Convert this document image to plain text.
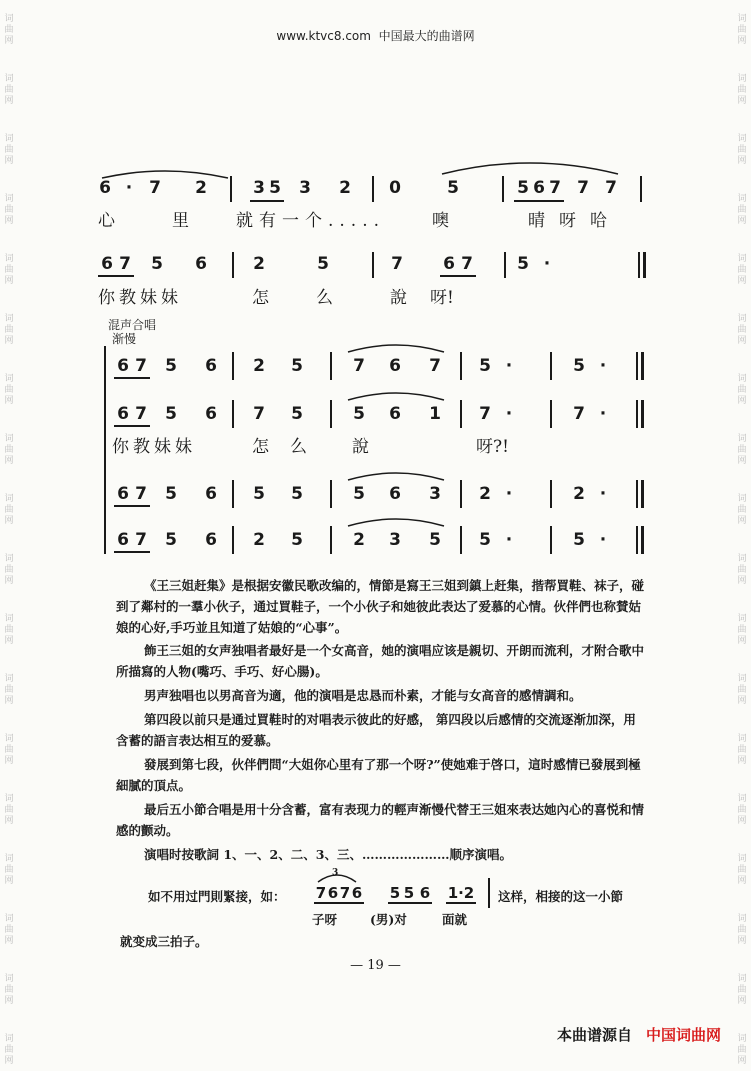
www.ktvc8.com 中国最大的曲谱网
词
曲
网
词
曲
网
词
曲
网
词
曲
网
词
曲
网
词
曲
网
词
曲
网
词
曲
网
词
曲
网
词
曲
网
词
曲
网
词
曲
网
词
曲
网
词
曲
网
词
曲
网
词
曲
网
词
曲
网
词
曲
网
词
曲
网
词
曲
网
词
曲
网
词
曲
网
词
曲
网
词
曲
网
词
曲
网
词
曲
网
词
曲
网
词
曲
网
词
曲
网
词
曲
网
词
曲
网
词
曲
网
词
曲
网
词
曲
网
词
曲
网
词
曲
网
6 · 7 2	3 5 3 2 0	5	5 6 7 7 7
心	里	就有一个.....	噢	晴呀哈
6 7 5 6	2	5	7 6 7	5 ·
你教妹妹	怎	么	說 呀!
混声合唱
渐慢
6 7 5 6 2 5	7 6 7 5 ·	5 ·
6 7 5 6 7 5	5 6 1 7 ·	7 ·
6 7 5 6 5 5	5 6 3 2 ·	2 ·
6 7 5 6 2 5	2 3 5 5 ·	5 ·
你教妹妹	怎 么	說	呀?!

《王三姐赶集》是根据安徽民歌改编的，情節是寫王三姐到鎮上赶集，揩帮買鞋、袜子，碰到了鄰村的一羣小伙子，通过買鞋子，一个小伙子和她彼此表达了爱慕的心情。伙伴們也称賛姑娘的心好,手巧並且知道了姑娘的“心事”。

飾王三姐的女声独唱者最好是一个女高音，她的演唱应该是親切、开朗而流利，才附合歌中所描寫的人物(嘴巧、手巧、好心腸)。

男声独唱也以男高音为適，他的演唱是忠恳而朴素，才能与女高音的感情調和。

第四段以前只是通过買鞋时的对唱表示彼此的好感， 第四段以后感情的交流逐渐加深，用含蓄的語言表达相互的爱慕。

發展到第七段，伙伴們問“大姐你心里有了那一个呀?”使她难于啓口，這时感情已發展到極細膩的頂点。

最后五小節合唱是用十分含蓄，富有表现力的輕声渐慢代替王三姐來表达她內心的喜悦和情感的颤动。

演唱时按歌詞 1、一、2、二、3、三、…………………顺序演唱。

如不用过門則緊接，如：
3
7 6 7 6 5 5 6 1 · 2
子呀	(男)对	面就
这样，相接的这一小節
就变成三拍子。
— 19 —
本曲谱源自 中国词曲网
